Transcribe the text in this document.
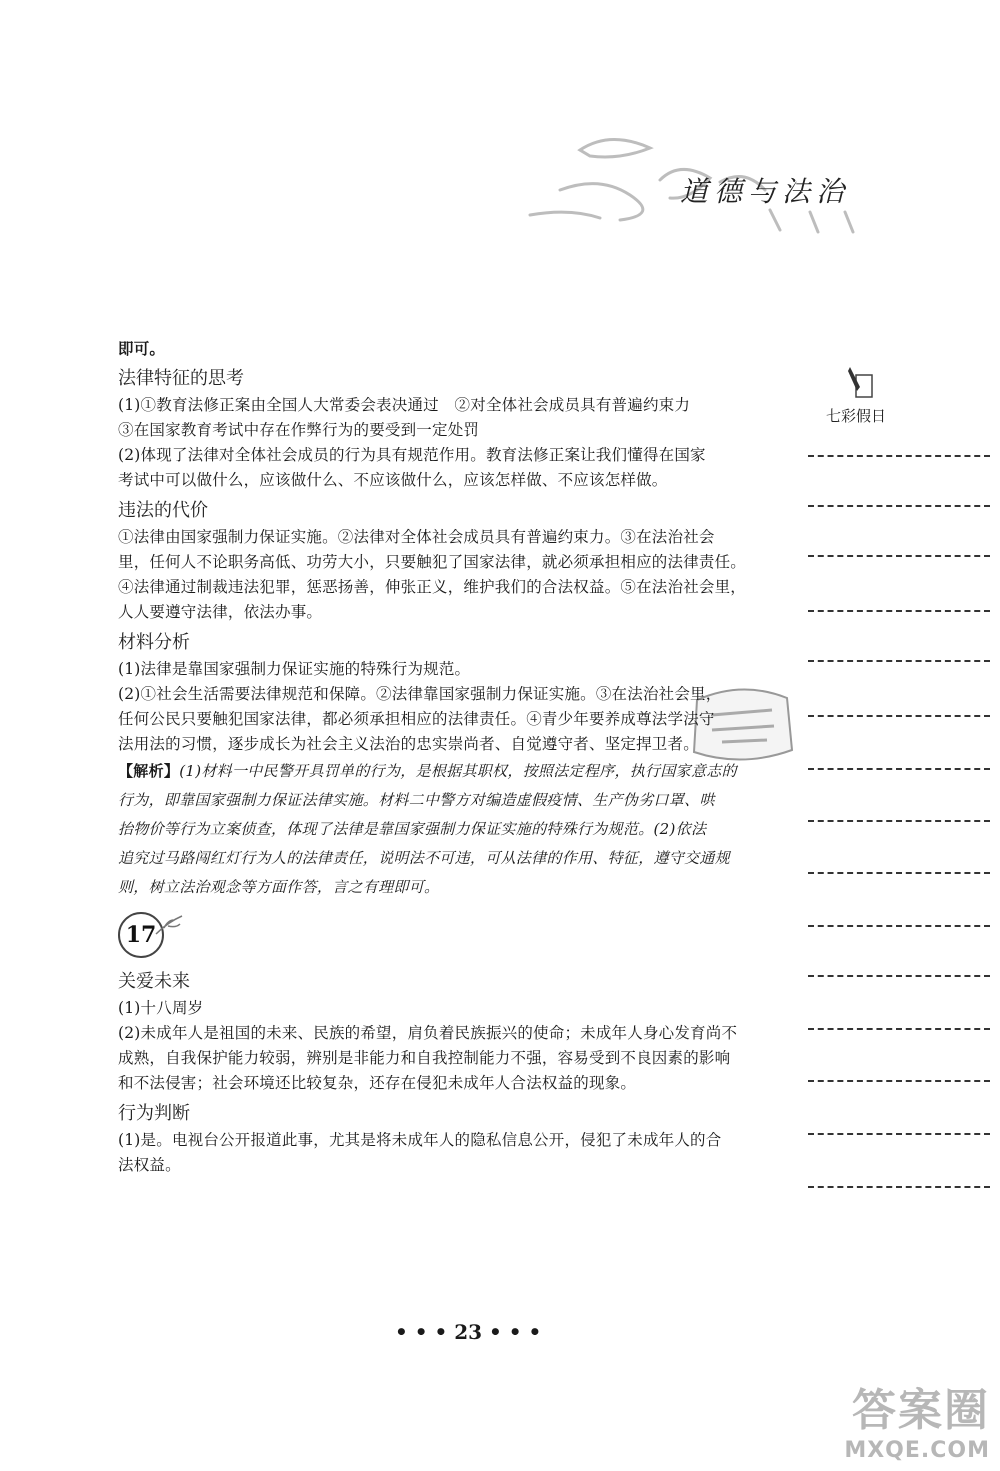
道德与法治
即可。
法律特征的思考
(1)①教育法修正案由全国人大常委会表决通过　②对全体社会成员具有普遍约束力
③在国家教育考试中存在作弊行为的要受到一定处罚
(2)体现了法律对全体社会成员的行为具有规范作用。教育法修正案让我们懂得在国家
考试中可以做什么，应该做什么、不应该做什么，应该怎样做、不应该怎样做。
违法的代价
①法律由国家强制力保证实施。②法律对全体社会成员具有普遍约束力。③在法治社会
里，任何人不论职务高低、功劳大小，只要触犯了国家法律，就必须承担相应的法律责任。
④法律通过制裁违法犯罪，惩恶扬善，伸张正义，维护我们的合法权益。⑤在法治社会里，
人人要遵守法律，依法办事。
材料分析
(1)法律是靠国家强制力保证实施的特殊行为规范。
(2)①社会生活需要法律规范和保障。②法律靠国家强制力保证实施。③在法治社会里，
任何公民只要触犯国家法律，都必须承担相应的法律责任。④青少年要养成尊法学法守
法用法的习惯，逐步成长为社会主义法治的忠实崇尚者、自觉遵守者、坚定捍卫者。
【解析】(1)材料一中民警开具罚单的行为，是根据其职权，按照法定程序，执行国家意志的
行为，即靠国家强制力保证法律实施。材料二中警方对编造虚假疫情、生产伪劣口罩、哄
抬物价等行为立案侦查，体现了法律是靠国家强制力保证实施的特殊行为规范。(2)依法
追究过马路闯红灯行为人的法律责任，说明法不可违，可从法律的作用、特征，遵守交通规
则，树立法治观念等方面作答，言之有理即可。
17
关爱未来
(1)十八周岁
(2)未成年人是祖国的未来、民族的希望，肩负着民族振兴的使命；未成年人身心发育尚不
成熟，自我保护能力较弱，辨别是非能力和自我控制能力不强，容易受到不良因素的影响
和不法侵害；社会环境还比较复杂，还存在侵犯未成年人合法权益的现象。
行为判断
(1)是。电视台公开报道此事，尤其是将未成年人的隐私信息公开，侵犯了未成年人的合
法权益。
七彩假日
• • • 23 • • •
答案圈
MXQE.COM
